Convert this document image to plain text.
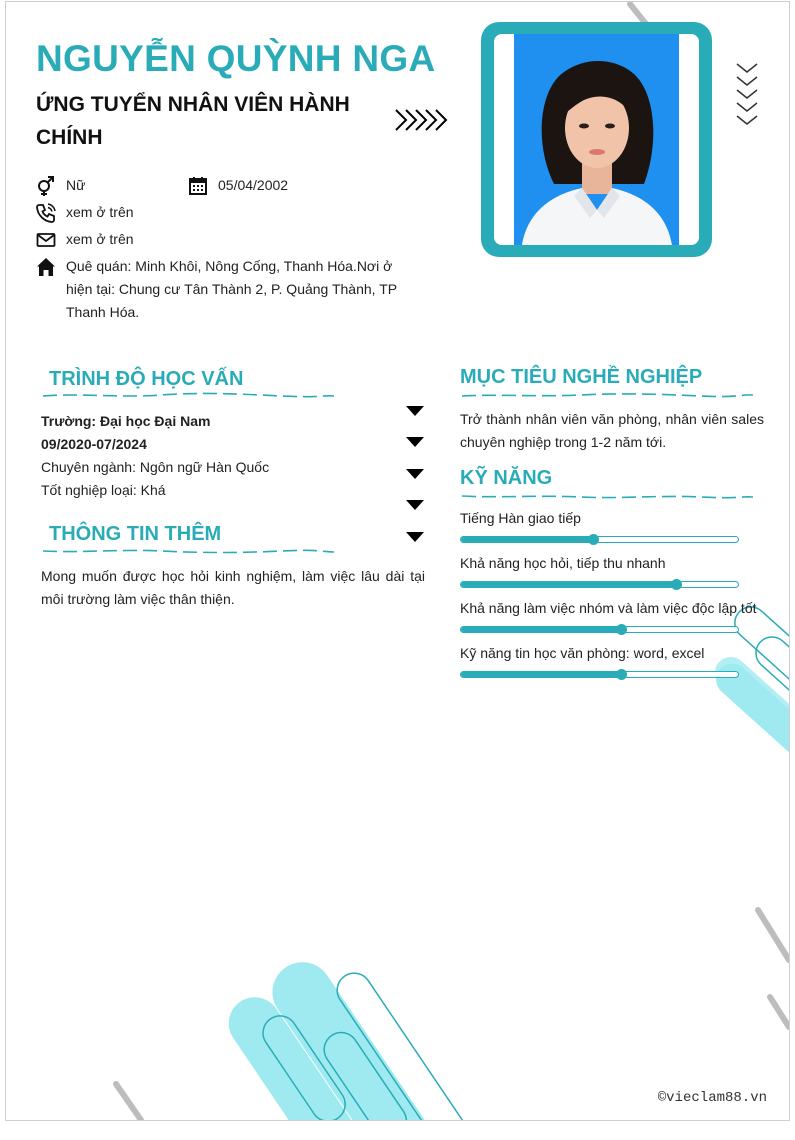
NGUYỄN QUỲNH NGA
ỨNG TUYỂN NHÂN VIÊN HÀNH CHÍNH
Nữ	05/04/2002
xem ở trên
xem ở trên
Quê quán: Minh Khôi, Nông Cống, Thanh Hóa.Nơi ở hiện tại: Chung cư Tân Thành 2, P. Quảng Thành, TP Thanh Hóa.
TRÌNH ĐỘ HỌC VẤN
Trường: Đại học Đại Nam
09/2020-07/2024
Chuyên ngành: Ngôn ngữ Hàn Quốc
Tốt nghiệp loại: Khá
THÔNG TIN THÊM
Mong muốn được học hỏi kinh nghiệm, làm việc lâu dài tại môi trường làm việc thân thiện.
MỤC TIÊU NGHỀ NGHIỆP
Trở thành nhân viên văn phòng, nhân viên sales chuyên nghiệp trong 1-2 năm tới.
KỸ NĂNG
Tiếng Hàn giao tiếp
Khả năng học hỏi, tiếp thu nhanh
Khả năng làm việc nhóm và làm việc độc lập tốt
Kỹ năng tin học văn phòng: word, excel
©vieclam88.vn
